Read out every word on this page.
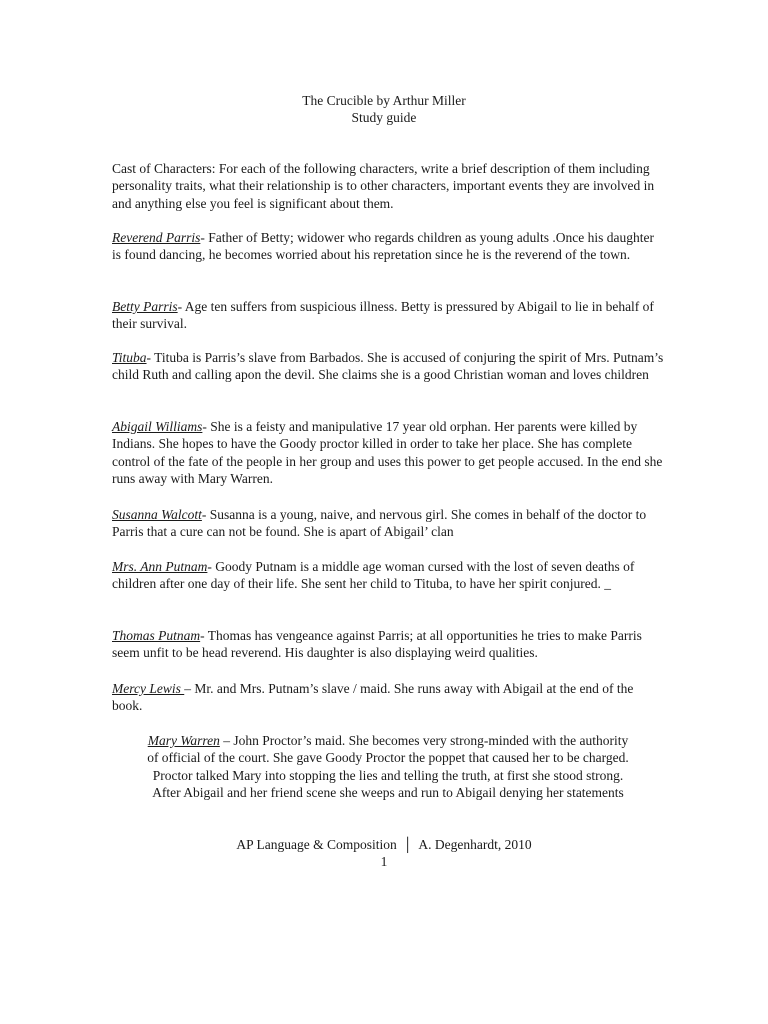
The Crucible by Arthur Miller
Study guide
Cast of Characters: For each of the following characters, write a brief description of them including personality traits, what their relationship is to other characters, important events they are involved in and anything else you feel is significant about them.
Reverend Parris- Father of Betty; widower who regards children as young adults .Once his daughter is found dancing, he becomes worried about his repretation since he is the reverend of the town.
Betty Parris- Age ten suffers from suspicious illness. Betty is pressured by Abigail to lie in behalf of their survival.
Tituba- Tituba is Parris’s slave from Barbados. She is accused of conjuring the spirit of Mrs. Putnam’s child Ruth and calling apon the devil. She claims she is a good Christian woman and loves children
Abigail Williams- She is a feisty and manipulative 17 year old orphan. Her parents were killed by Indians. She hopes to have the Goody proctor killed in order to take her place. She has complete control of the fate of the people in her group and uses this power to get people accused. In the end she runs away with Mary Warren.
Susanna Walcott- Susanna is a young, naive, and nervous girl. She comes in behalf of the doctor to Parris that a cure can not be found. She is apart of Abigail’ clan
Mrs. Ann Putnam- Goody Putnam is a middle age woman cursed with the lost of seven deaths of children after one day of their life. She sent her child to Tituba, to have her spirit conjured. _
Thomas Putnam- Thomas has vengeance against Parris; at all opportunities he tries to make Parris seem unfit to be head reverend. His daughter is also displaying weird qualities.
Mercy Lewis – Mr. and Mrs. Putnam’s slave / maid. She runs away with Abigail at the end of the book.
Mary Warren – John Proctor’s maid. She becomes very strong-minded with the authority
of official of the court. She gave Goody Proctor the poppet that caused her to be charged.
Proctor talked Mary into stopping the lies and telling the truth, at first she stood strong.
After Abigail and her friend scene she weeps and run to Abigail denying her statements
AP Language & Composition │ A. Degenhardt, 2010
1
